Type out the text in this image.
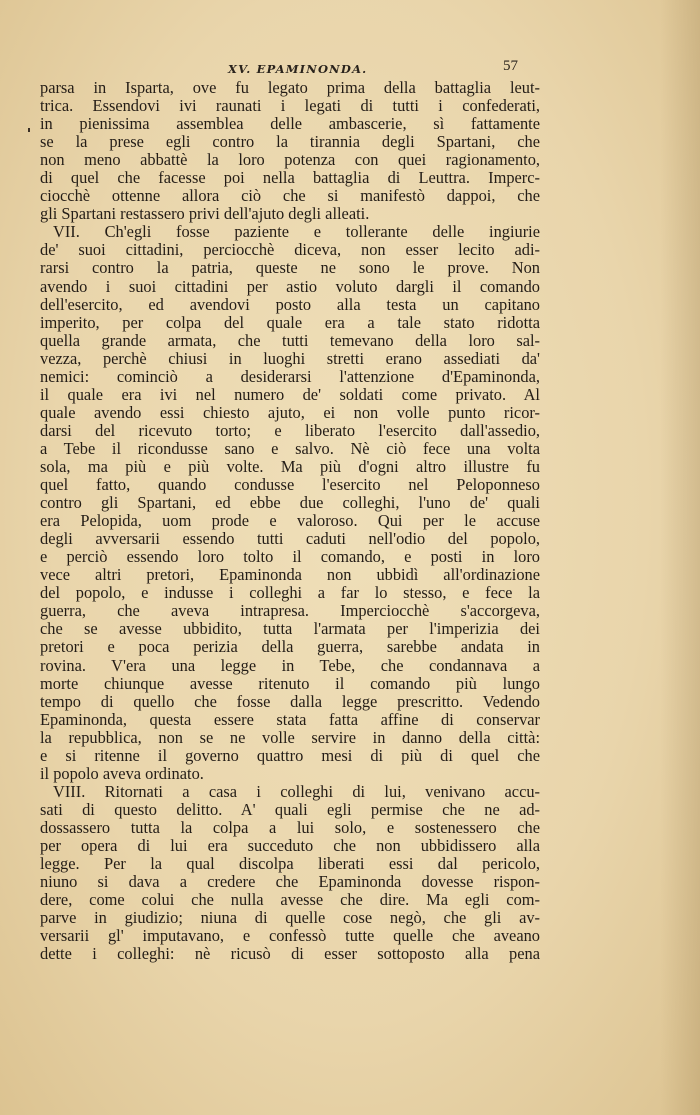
XV. EPAMINONDA.	57
parsa in Isparta, ove fu legato prima della battaglia leut-
trica. Essendovi ivi raunati i legati di tutti i confederati,
in pienissima assemblea delle ambascerie, sì fattamente
se la prese egli contro la tirannia degli Spartani, che
non meno abbattè la loro potenza con quei ragionamento,
di quel che facesse poi nella battaglia di Leuttra. Imperc-
ciocchè ottenne allora ciò che si manifestò dappoi, che
gli Spartani restassero privi dell'ajuto degli alleati.
VII. Ch'egli fosse paziente e tollerante delle ingiurie
de' suoi cittadini, perciocchè diceva, non esser lecito adi-
rarsi contro la patria, queste ne sono le prove. Non
avendo i suoi cittadini per astio voluto dargli il comando
dell'esercito, ed avendovi posto alla testa un capitano
imperito, per colpa del quale era a tale stato ridotta
quella grande armata, che tutti temevano della loro sal-
vezza, perchè chiusi in luoghi stretti erano assediati da'
nemici: cominciò a desiderarsi l'attenzione d'Epaminonda,
il quale era ivi nel numero de' soldati come privato. Al
quale avendo essi chiesto ajuto, ei non volle punto ricor-
darsi del ricevuto torto; e liberato l'esercito dall'assedio,
a Tebe il ricondusse sano e salvo. Nè ciò fece una volta
sola, ma più e più volte. Ma più d'ogni altro illustre fu
quel fatto, quando condusse l'esercito nel Peloponneso
contro gli Spartani, ed ebbe due colleghi, l'uno de' quali
era Pelopida, uom prode e valoroso. Qui per le accuse
degli avversarii essendo tutti caduti nell'odio del popolo,
e perciò essendo loro tolto il comando, e posti in loro
vece altri pretori, Epaminonda non ubbidì all'ordinazione
del popolo, e indusse i colleghi a far lo stesso, e fece la
guerra, che aveva intrapresa. Imperciocchè s'accorgeva,
che se avesse ubbidito, tutta l'armata per l'imperizia dei
pretori e poca perizia della guerra, sarebbe andata in
rovina. V'era una legge in Tebe, che condannava a
morte chiunque avesse ritenuto il comando più lungo
tempo di quello che fosse dalla legge prescritto. Vedendo
Epaminonda, questa essere stata fatta affine di conservar
la repubblica, non se ne volle servire in danno della città:
e si ritenne il governo quattro mesi di più di quel che
il popolo aveva ordinato.
VIII. Ritornati a casa i colleghi di lui, venivano accu-
sati di questo delitto. A' quali egli permise che ne ad-
dossassero tutta la colpa a lui solo, e sostenessero che
per opera di lui era succeduto che non ubbidissero alla
legge. Per la qual discolpa liberati essi dal pericolo,
niuno si dava a credere che Epaminonda dovesse rispon-
dere, come colui che nulla avesse che dire. Ma egli com-
parve in giudizio; niuna di quelle cose negò, che gli av-
versarii gl' imputavano, e confessò tutte quelle che aveano
dette i colleghi: nè ricusò di esser sottoposto alla pena
